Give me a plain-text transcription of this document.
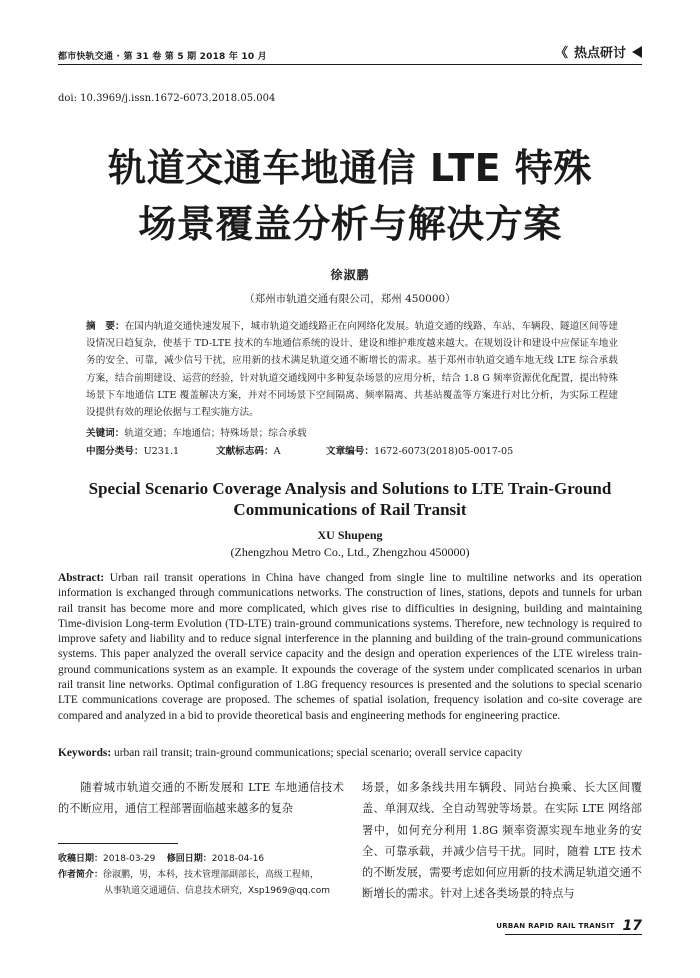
都市快轨交通 · 第 31 卷 第 5 期 2018 年 10 月	《 热点研讨
doi: 10.3969/j.issn.1672-6073.2018.05.004
轨道交通车地通信 LTE 特殊
场景覆盖分析与解决方案
徐淑鹏
（郑州市轨道交通有限公司，郑州 450000）
摘　要：在国内轨道交通快速发展下，城市轨道交通线路正在向网络化发展。轨道交通的线路、车站、车辆段、隧道区间等建设情况日趋复杂，使基于 TD-LTE 技术的车地通信系统的设计、建设和维护难度越来越大。在规划设计和建设中应保证车地业务的安全、可靠，减少信号干扰，应用新的技术满足轨道交通不断增长的需求。基于郑州市轨道交通车地无线 LTE 综合承载方案，结合前期建设、运营的经验，针对轨道交通线网中多种复杂场景的应用分析，结合 1.8 G 频率资源优化配置，提出特殊场景下车地通信 LTE 覆盖解决方案，并对不同场景下空间隔离、频率隔离、共基站覆盖等方案进行对比分析，为实际工程建设提供有效的理论依据与工程实施方法。
关键词：轨道交通；车地通信；特殊场景；综合承载
中图分类号：U231.1	文献标志码：A	文章编号：1672-6073(2018)05-0017-05
Special Scenario Coverage Analysis and Solutions to LTE Train-Ground
Communications of Rail Transit
XU Shupeng
(Zhengzhou Metro Co., Ltd., Zhengzhou 450000)
Abstract: Urban rail transit operations in China have changed from single line to multiline networks and its operation information is exchanged through communications networks. The construction of lines, stations, depots and tunnels for urban rail transit has become more and more complicated, which gives rise to difficulties in designing, building and maintaining Time-division Long-term Evolution (TD-LTE) train-ground communications systems. Therefore, new technology is required to improve safety and liability and to reduce signal interference in the planning and building of the train-ground communications systems. This paper analyzed the overall service capacity and the design and operation experiences of the LTE wireless train-ground communications system as an example. It expounds the coverage of the system under complicated scenarios in urban rail transit line networks. Optimal configuration of 1.8G frequency resources is presented and the solutions to special scenario LTE communications coverage are proposed. The schemes of spatial isolation, frequency isolation and co-site coverage are compared and analyzed in a bid to provide theoretical basis and engineering methods for engineering practice.
Keywords: urban rail transit; train-ground communications; special scenario; overall service capacity
随着城市轨道交通的不断发展和 LTE 车地通信技术的不断应用，通信工程部署面临越来越多的复杂
场景，如多条线共用车辆段、同站台换乘、长大区间覆盖、单洞双线、全自动驾驶等场景。在实际 LTE 网络部署中，如何充分利用 1.8G 频率资源实现车地业务的安全、可靠承载，并减少信号干扰。同时，随着 LTE 技术的不断发展，需要考虑如何应用新的技术满足轨道交通不断增长的需求。针对上述各类场景的特点与
收稿日期：2018-03-29 修回日期：2018-04-16
作者简介：徐淑鹏，男，本科，技术管理部副部长，高级工程师，
从事轨道交通通信、信息技术研究，Xsp1969@qq.com
URBAN RAPID RAIL TRANSIT 17
